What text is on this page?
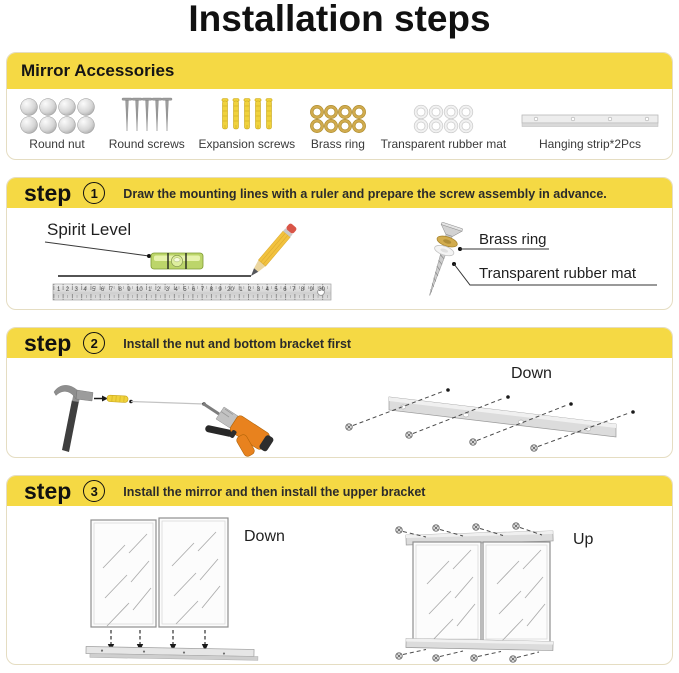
Installation steps
Mirror Accessories
Round nut Round screws Expansion screws Brass ring Transparent rubber mat	Hanging strip*2Pcs
step	1	Draw the mounting lines with a ruler and prepare the screw assembly in advance.
Spirit Level
1 2 3 4 5 6 7 8 9 10 1 2 3 4 5 6 7 8 9 20 1 2 3 4 5 6 7 8 9 30
Brass ring
Transparent rubber mat
step	2	Install the nut and bottom bracket first
Down
step	3	Install the mirror and then install the upper bracket
Down	Up
